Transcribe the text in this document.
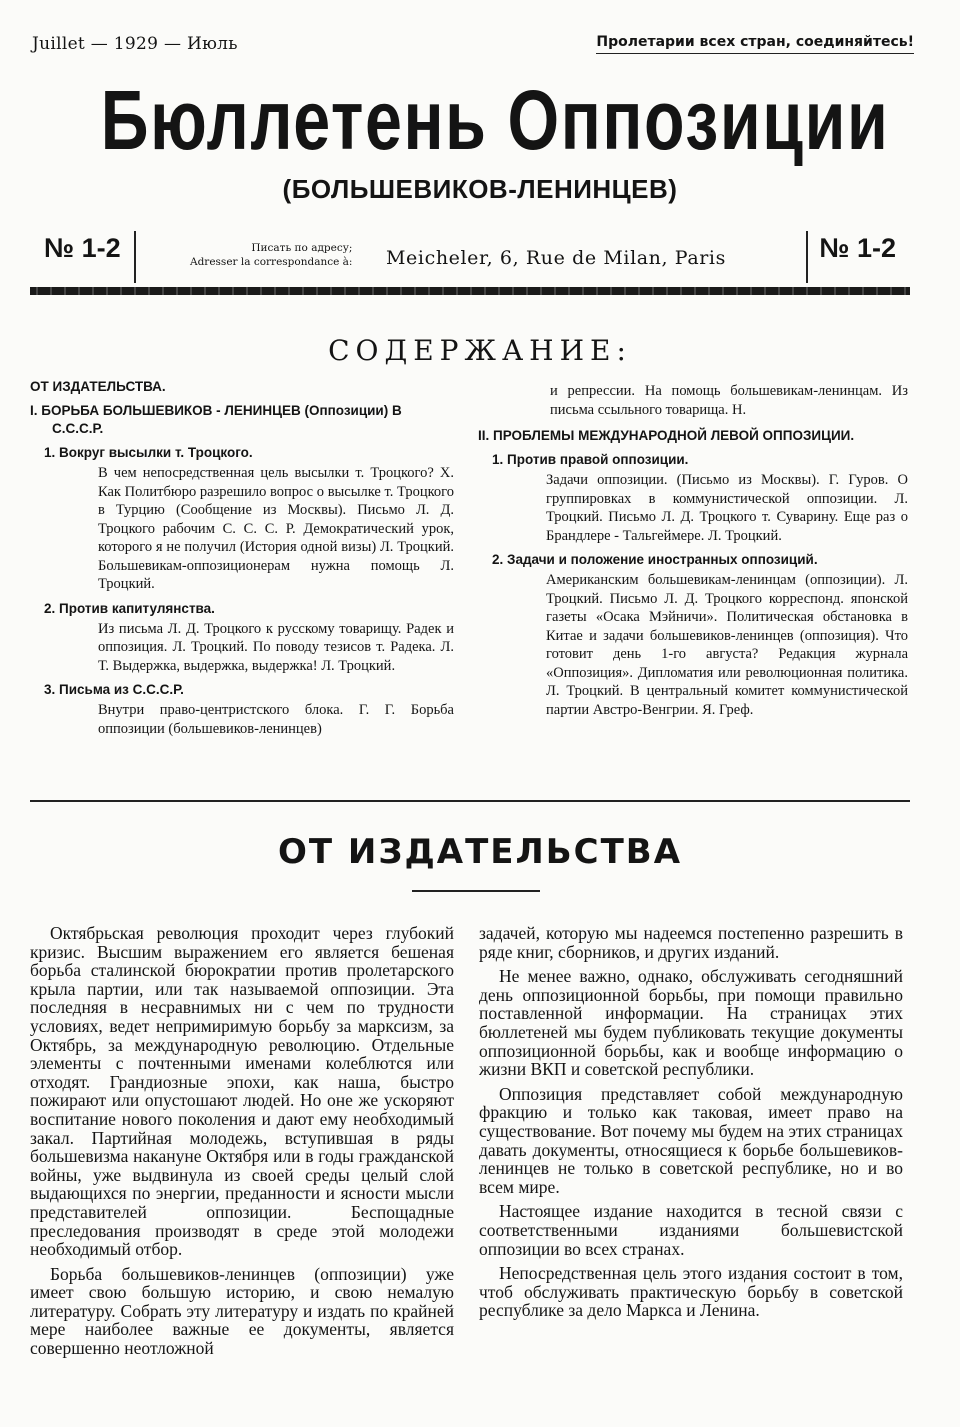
Juillet — 1929 — Июль	Пролетарии всех стран, соединяйтесь!
Бюллетень Оппозиции
(БОЛЬШЕВИКОВ-ЛЕНИНЦЕВ)
№ 1-2	Писать по адресу;
Adresser la correspondance à: Meicheler, 6, Rue de Milan, Paris	№ 1-2
СОДЕРЖАНИЕ:
ОТ ИЗДАТЕЛЬСТВА.
I. БОРЬБА БОЛЬШЕВИКОВ - ЛЕНИНЦЕВ (Оппозиции) В С.С.С.Р.
1. Вокруг высылки т. Троцкого.
В чем непосредственная цель высылки т. Троцкого? Х. Как Политбюро разрешило вопрос о высылке т. Троцкого в Турцию (Сообщение из Москвы). Письмо Л. Д. Троцкого рабочим С. С. С. Р. Демократический урок, которого я не получил (История одной визы) Л. Троцкий. Большевикам-оппозиционерам нужна помощь Л. Троцкий.
2. Против капитулянства.
Из письма Л. Д. Троцкого к русскому товарищу. Радек и оппозиция. Л. Троцкий. По поводу тезисов т. Радека. Л. Т. Выдержка, выдержка, выдержка! Л. Троцкий.
3. Письма из С.С.С.Р.
Внутри право-центристского блока. Г. Г. Борьба оппозиции (большевиков-ленинцев)
и репрессии. На помощь большевикам-ленинцам. Из письма ссыльного товарища. Н.
II. ПРОБЛЕМЫ МЕЖДУНАРОДНОЙ ЛЕВОЙ ОППОЗИЦИИ.
1. Против правой оппозиции.
Задачи оппозиции. (Письмо из Москвы). Г. Гуров. О группировках в коммунистической оппозиции. Л. Троцкий. Письмо Л. Д. Троцкого т. Суварину. Еще раз о Брандлере - Тальгеймере. Л. Троцкий.
2. Задачи и положение иностранных оппозиций.
Американским большевикам-ленинцам (оппозиции). Л. Троцкий. Письмо Л. Д. Троцкого корреспонд. японской газеты «Осака Мэйничи». Политическая обстановка в Китае и задачи большевиков-ленинцев (оппозиция). Что готовит день 1-го августа? Редакция журнала «Оппозиция». Дипломатия или революционная политика. Л. Троцкий. В центральный комитет коммунистической партии Австро-Венгрии. Я. Греф.
ОТ ИЗДАТЕЛЬСТВА

Октябрьская революция проходит через глубокий кризис. Высшим выражением его является бешеная борьба сталинской бюрократии против пролетарского крыла партии, или так называемой оппозиции. Эта последняя в несравнимых ни с чем по трудности условиях, ведет непримиримую борьбу за марксизм, за Октябрь, за международную революцию. Отдельные элементы с почтенными именами колеблются или отходят. Грандиозные эпохи, как наша, быстро пожирают или опустошают людей. Но оне же ускоряют воспитание нового поколения и дают ему необходимый закал. Партийная молодежь, вступившая в ряды большевизма накануне Октября или в годы гражданской войны, уже выдвинула из своей среды целый слой выдающихся по энергии, преданности и ясности мысли представителей оппозиции. Беспощадные преследования производят в среде этой молодежи необходимый отбор.

Борьба большевиков-ленинцев (оппозиции) уже имеет свою большую историю, и свою немалую литературу. Собрать эту литературу и издать по крайней мере наиболее важные ее документы, является совершенно неотложной

задачей, которую мы надеемся постепенно разрешить в ряде книг, сборников, и других изданий.

Не менее важно, однако, обслуживать сегодняшний день оппозиционной борьбы, при помощи правильно поставленной информации. На страницах этих бюллетеней мы будем публиковать текущие документы оппозиционной борьбы, как и вообще информацию о жизни ВКП и советской республики.

Оппозиция представляет собой международную фракцию и только как таковая, имеет право на существование. Вот почему мы будем на этих страницах давать документы, относящиеся к борьбе большевиков-ленинцев не только в советской республике, но и во всем мире.

Настоящее издание находится в тесной связи с соответственными изданиями большевистской оппозиции во всех странах.

Непосредственная цель этого издания состоит в том, чтоб обслуживать практическую борьбу в советской республике за дело Маркса и Ленина.
